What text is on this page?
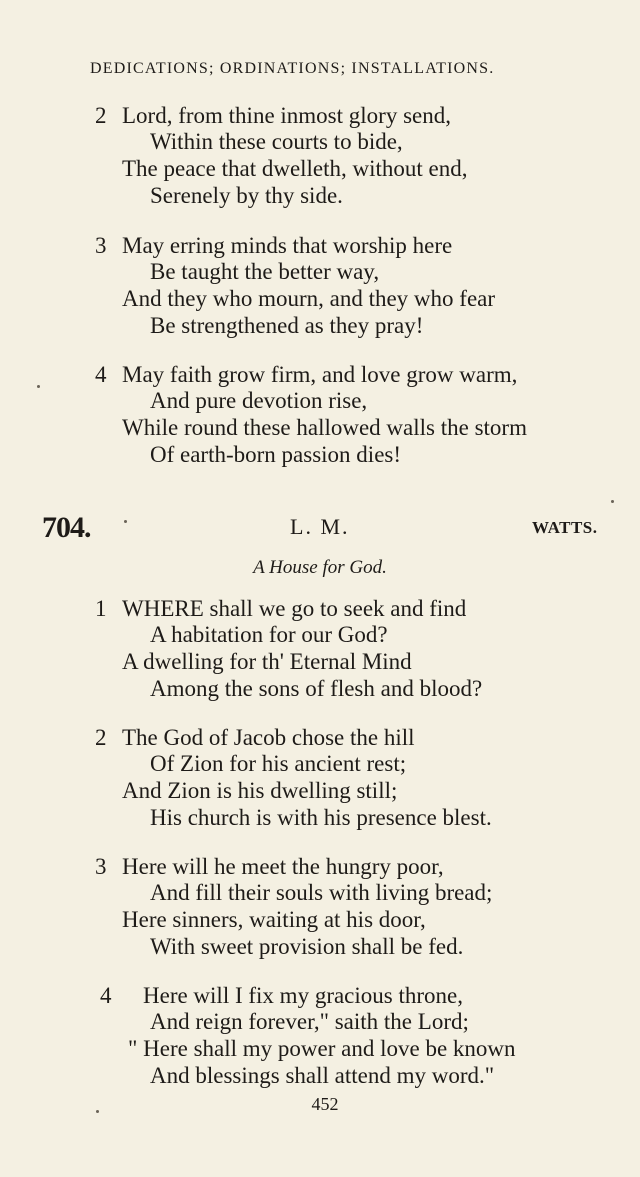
DEDICATIONS; ORDINATIONS; INSTALLATIONS.
2 Lord, from thine inmost glory send,
Within these courts to bide,
The peace that dwelleth, without end,
Serenely by thy side.
3 May erring minds that worship here
Be taught the better way,
And they who mourn, and they who fear
Be strengthened as they pray!
4 May faith grow firm, and love grow warm,
And pure devotion rise,
While round these hallowed walls the storm
Of earth-born passion dies!
704.	L. M.	WATTS.
A House for God.
1 WHERE shall we go to seek and find
A habitation for our God?
A dwelling for th' Eternal Mind
Among the sons of flesh and blood?
2 The God of Jacob chose the hill
Of Zion for his ancient rest;
And Zion is his dwelling still;
His church is with his presence blest.
3 Here will he meet the hungry poor,
And fill their souls with living bread;
Here sinners, waiting at his door,
With sweet provision shall be fed.
4 Here will I fix my gracious throne,
And reign forever," saith the Lord;
" Here shall my power and love be known
And blessings shall attend my word."
452
